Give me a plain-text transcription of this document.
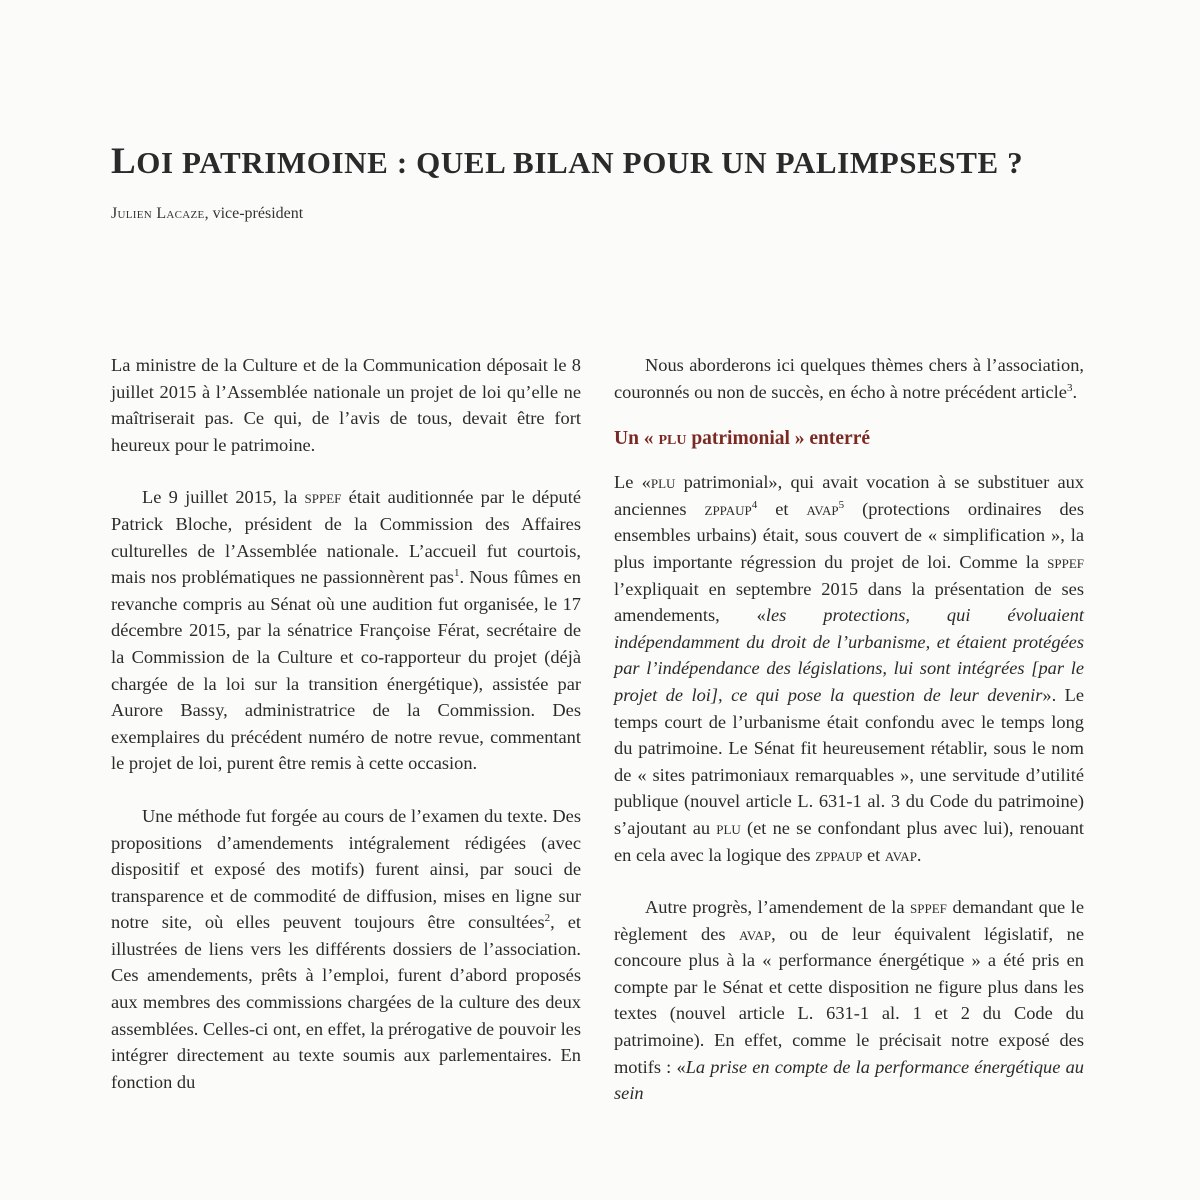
LOI PATRIMOINE : QUEL BILAN POUR UN PALIMPSESTE ?
Julien Lacaze, vice-président

La ministre de la Culture et de la Communication déposait le 8 juillet 2015 à l’Assemblée nationale un projet de loi qu’elle ne maîtriserait pas. Ce qui, de l’avis de tous, devait être fort heureux pour le patrimoine.

Le 9 juillet 2015, la sppef était auditionnée par le député Patrick Bloche, président de la Commission des Affaires culturelles de l’Assemblée nationale. L’accueil fut courtois, mais nos problématiques ne passionnèrent pas$^1$. Nous fûmes en revanche compris au Sénat où une audition fut organisée, le 17 décembre 2015, par la sénatrice Françoise Férat, secrétaire de la Commission de la Culture et co-rapporteur du projet (déjà chargée de la loi sur la transition énergétique), assistée par Aurore Bassy, administratrice de la Commission. Des exemplaires du précédent numéro de notre revue, commentant le projet de loi, purent être remis à cette occasion.

Une méthode fut forgée au cours de l’examen du texte. Des propositions d’amendements intégralement rédigées (avec dispositif et exposé des motifs) furent ainsi, par souci de transparence et de commodité de diffusion, mises en ligne sur notre site, où elles peuvent toujours être consultées$^2$, et illustrées de liens vers les différents dossiers de l’association. Ces amendements, prêts à l’emploi, furent d’abord proposés aux membres des commissions chargées de la culture des deux assemblées. Celles-ci ont, en effet, la prérogative de pouvoir les intégrer directement au texte soumis aux parlementaires. En fonction du

Nous aborderons ici quelques thèmes chers à l’association, couronnés ou non de succès, en écho à notre précédent article$^3$.

Un « plu patrimonial » enterré

Le «plu patrimonial», qui avait vocation à se substituer aux anciennes zppaup$^4$ et avap$^5$ (protections ordinaires des ensembles urbains) était, sous couvert de « simplification », la plus importante régression du projet de loi. Comme la sppef l’expliquait en septembre 2015 dans la présentation de ses amendements, «les protections, qui évoluaient indépendamment du droit de l’urbanisme, et étaient protégées par l’indépendance des législations, lui sont intégrées [par le projet de loi], ce qui pose la question de leur devenir». Le temps court de l’urbanisme était confondu avec le temps long du patrimoine. Le Sénat fit heureusement rétablir, sous le nom de « sites patrimoniaux remarquables », une servitude d’utilité publique (nouvel article L. 631-1 al. 3 du Code du patrimoine) s’ajoutant au plu (et ne se confondant plus avec lui), renouant en cela avec la logique des zppaup et avap.

Autre progrès, l’amendement de la sppef demandant que le règlement des avap, ou de leur équivalent législatif, ne concoure plus à la « performance énergétique » a été pris en compte par le Sénat et cette disposition ne figure plus dans les textes (nouvel article L. 631-1 al. 1 et 2 du Code du patrimoine). En effet, comme le précisait notre exposé des motifs : «La prise en compte de la performance énergétique au sein
